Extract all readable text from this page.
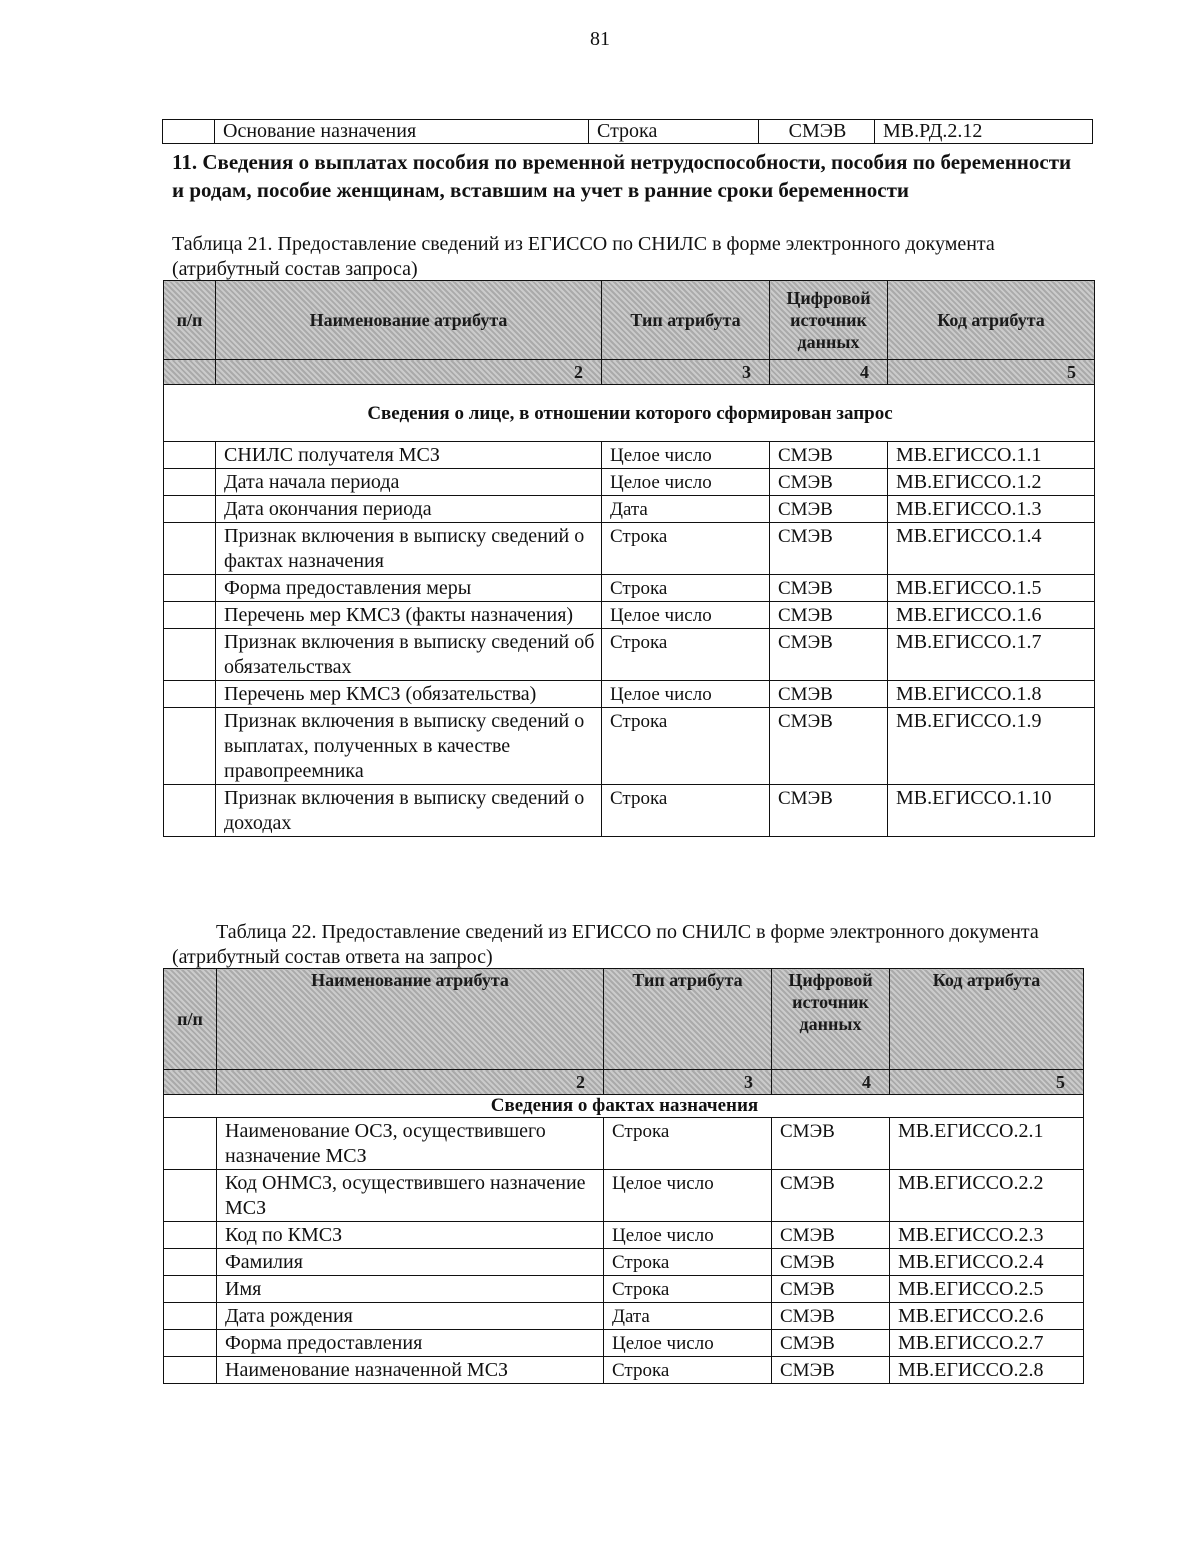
81
	Основание назначения	Строка	СМЭВ	МВ.РД.2.12

11. Сведения о выплатах пособия по временной нетрудоспособности, пособия по беременности и родам, пособие женщинам, вставшим на учет в ранние сроки беременности

Таблица 21. Предоставление сведений из ЕГИССО по СНИЛС в форме электронного документа (атрибутный состав запроса)

п/п	Наименование атрибута	Тип атрибута	Цифровой источник данных	Код атрибута
	2	3	4	5
Сведения о лице, в отношении которого сформирован запрос				
	СНИЛС получателя МСЗ	Целое число	СМЭВ	МВ.ЕГИССО.1.1
	Дата начала периода	Целое число	СМЭВ	МВ.ЕГИССО.1.2
	Дата окончания периода	Дата	СМЭВ	МВ.ЕГИССО.1.3
	Признак включения в выписку сведений о фактах назначения	Строка	СМЭВ	МВ.ЕГИССО.1.4
	Форма предоставления меры	Строка	СМЭВ	МВ.ЕГИССО.1.5
	Перечень мер КМСЗ (факты назначения)	Целое число	СМЭВ	МВ.ЕГИССО.1.6
	Признак включения в выписку сведений об обязательствах	Строка	СМЭВ	МВ.ЕГИССО.1.7
	Перечень мер КМСЗ (обязательства)	Целое число	СМЭВ	МВ.ЕГИССО.1.8
	Признак включения в выписку сведений о выплатах, полученных в качестве правопреемника	Строка	СМЭВ	МВ.ЕГИССО.1.9
	Признак включения в выписку сведений о доходах	Строка	СМЭВ	МВ.ЕГИССО.1.10

Таблица 22. Предоставление сведений из ЕГИССО по СНИЛС в форме электронного документа (атрибутный состав ответа на запрос)

п/п	Наименование атрибута	Тип атрибута	Цифровой источник данных	Код атрибута
	2	3	4	5
Сведения о фактах назначения				
	Наименование ОСЗ, осуществившего назначение МСЗ	Строка	СМЭВ	МВ.ЕГИССО.2.1
	Код ОНМСЗ, осуществившего назначение МСЗ	Целое число	СМЭВ	МВ.ЕГИССО.2.2
	Код по КМСЗ	Целое число	СМЭВ	МВ.ЕГИССО.2.3
	Фамилия	Строка	СМЭВ	МВ.ЕГИССО.2.4
	Имя	Строка	СМЭВ	МВ.ЕГИССО.2.5
	Дата рождения	Дата	СМЭВ	МВ.ЕГИССО.2.6
	Форма предоставления	Целое число	СМЭВ	МВ.ЕГИССО.2.7
	Наименование назначенной МСЗ	Строка	СМЭВ	МВ.ЕГИССО.2.8
